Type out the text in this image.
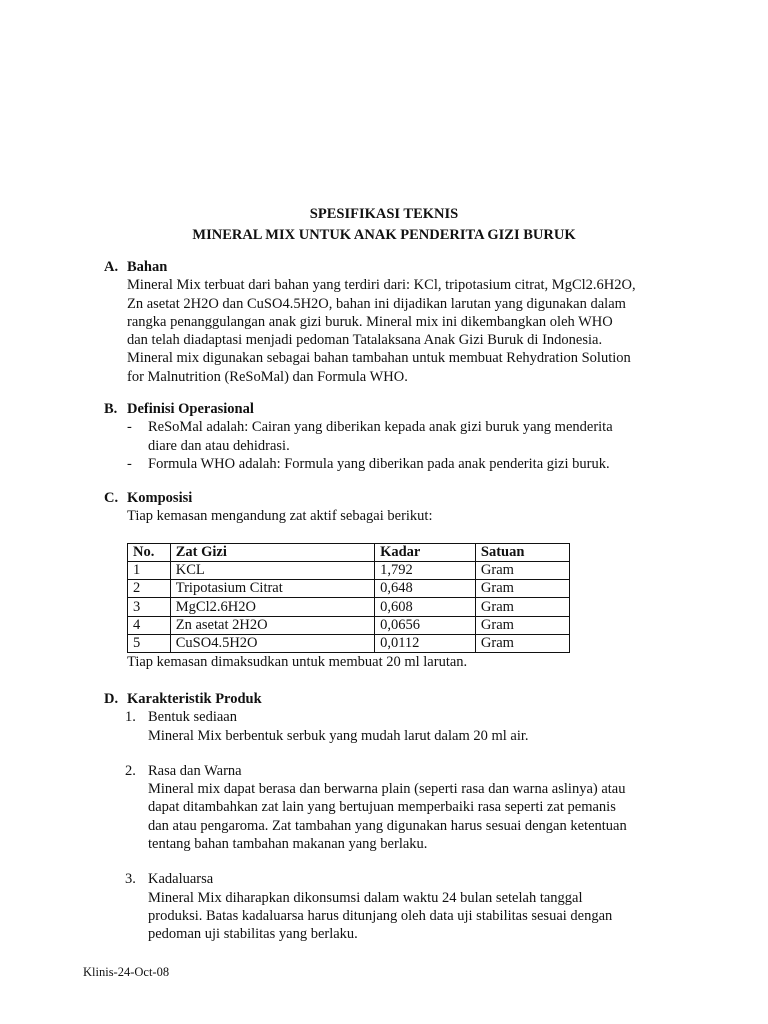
SPESIFIKASI TEKNIS
MINERAL MIX UNTUK ANAK PENDERITA GIZI BURUK
A. Bahan
Mineral Mix terbuat dari bahan yang terdiri dari: KCl, tripotasium citrat, MgCl2.6H2O,
Zn asetat 2H2O dan CuSO4.5H2O, bahan ini dijadikan larutan yang digunakan dalam
rangka penanggulangan anak gizi buruk. Mineral mix ini dikembangkan oleh WHO
dan telah diadaptasi menjadi pedoman Tatalaksana Anak Gizi Buruk di Indonesia.
Mineral mix digunakan sebagai bahan tambahan untuk membuat Rehydration Solution
for Malnutrition (ReSoMal) dan Formula WHO.
B. Definisi Operasional
-	ReSoMal adalah: Cairan yang diberikan kepada anak gizi buruk yang menderita
diare dan atau dehidrasi.
-	Formula WHO adalah: Formula yang diberikan pada anak penderita gizi buruk.
C. Komposisi
Tiap kemasan mengandung zat aktif sebagai berikut:
No.	Zat Gizi	Kadar	Satuan
1	KCL	1,792	Gram
2	Tripotasium Citrat	0,648	Gram
3	MgCl2.6H2O	0,608	Gram
4	Zn asetat 2H2O	0,0656	Gram
5	CuSO4.5H2O	0,0112	Gram
Tiap kemasan dimaksudkan untuk membuat 20 ml larutan.
D. Karakteristik Produk
1. Bentuk sediaan
Mineral Mix berbentuk serbuk yang mudah larut dalam 20 ml air.
2. Rasa dan Warna
Mineral mix dapat berasa dan berwarna plain (seperti rasa dan warna aslinya) atau
dapat ditambahkan zat lain yang bertujuan memperbaiki rasa seperti zat pemanis
dan atau pengaroma. Zat tambahan yang digunakan harus sesuai dengan ketentuan
tentang bahan tambahan makanan yang berlaku.
3. Kadaluarsa
Mineral Mix diharapkan dikonsumsi dalam waktu 24 bulan setelah tanggal
produksi. Batas kadaluarsa harus ditunjang oleh data uji stabilitas sesuai dengan
pedoman uji stabilitas yang berlaku.
Klinis-24-Oct-08
